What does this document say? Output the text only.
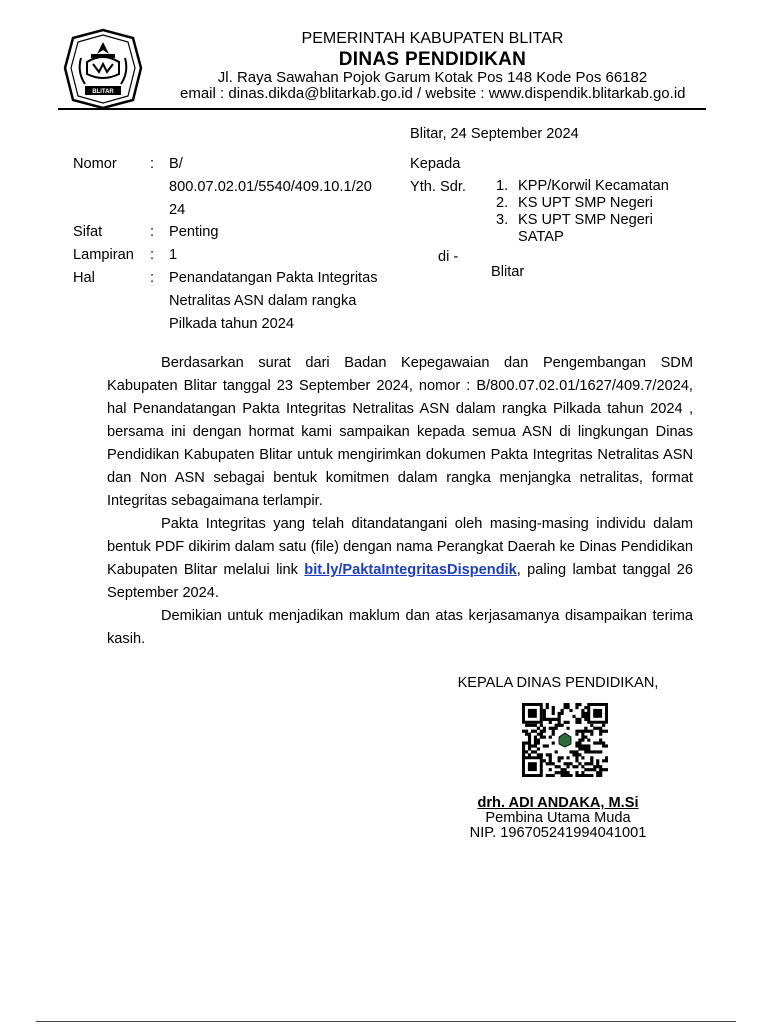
BLITAR
PEMERINTAH KABUPATEN BLITAR
DINAS PENDIDIKAN
Jl. Raya Sawahan Pojok Garum Kotak Pos 148 Kode Pos 66182
email : dinas.dikda@blitarkab.go.id / website : www.dispendik.blitarkab.go.id
Blitar, 24 September 2024
Nomor : B/
800.07.02.01/5540/409.10.1/20
24
Sifat	: Penting
Lampiran : 1
Hal	: Penandatangan Pakta Integritas
Netralitas ASN dalam rangka
Pilkada tahun 2024
Kepada
Yth. Sdr. 1. KPP/Korwil Kecamatan
2. KS UPT SMP Negeri
3. KS UPT SMP Negeri
SATAP
di -
Blitar

Berdasarkan surat dari Badan Kepegawaian dan Pengembangan SDM Kabupaten Blitar tanggal 23 September 2024, nomor : B/800.07.02.01/1627/409.7/2024, hal Penandatangan Pakta Integritas Netralitas ASN dalam rangka Pilkada tahun 2024 , bersama ini dengan hormat kami sampaikan kepada semua ASN di lingkungan Dinas Pendidikan Kabupaten Blitar untuk mengirimkan dokumen Pakta Integritas Netralitas ASN dan Non ASN sebagai bentuk komitmen dalam rangka menjangka netralitas, format Integritas sebagaimana terlampir.

Pakta Integritas yang telah ditandatangani oleh masing-masing individu dalam bentuk PDF dikirim dalam satu (file) dengan nama Perangkat Daerah ke Dinas Pendidikan Kabupaten Blitar melalui link bit.ly/PaktaIntegritasDispendik, paling lambat tanggal 26 September 2024.

Demikian untuk menjadikan maklum dan atas kerjasamanya disampaikan terima kasih.

KEPALA DINAS PENDIDIKAN,
drh. ADI ANDAKA, M.Si
Pembina Utama Muda
NIP. 196705241994041001
